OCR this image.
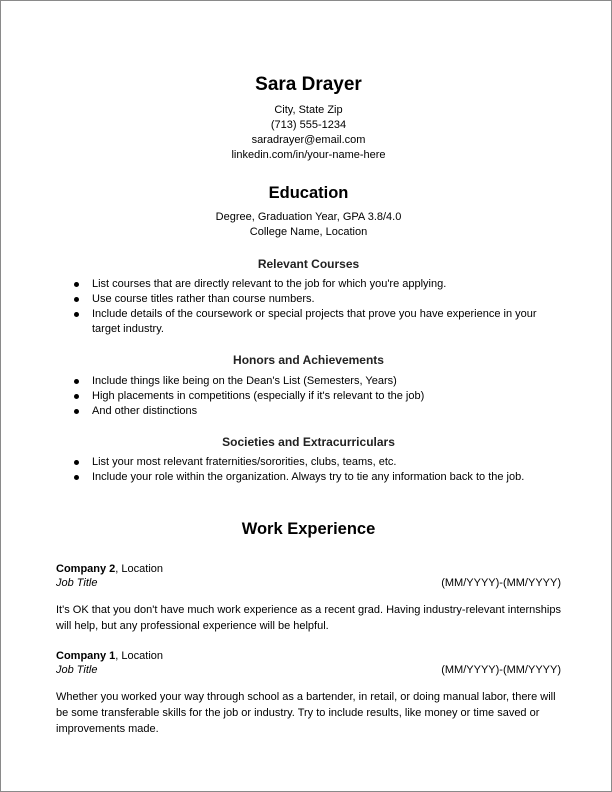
Sara Drayer
City, State Zip
(713) 555-1234
saradrayer@email.com
linkedin.com/in/your-name-here
Education
Degree, Graduation Year, GPA 3.8/4.0
College Name, Location
Relevant Courses
List courses that are directly relevant to the job for which you're applying.
Use course titles rather than course numbers.
Include details of the coursework or special projects that prove you have experience in your target industry.
Honors and Achievements
Include things like being on the Dean's List (Semesters, Years)
High placements in competitions (especially if it's relevant to the job)
And other distinctions
Societies and Extracurriculars
List your most relevant fraternities/sororities, clubs, teams, etc.
Include your role within the organization. Always try to tie any information back to the job.
Work Experience
Company 2, Location
Job Title	(MM/YYYY)-(MM/YYYY)
It's OK that you don't have much work experience as a recent grad. Having industry-relevant internships will help, but any professional experience will be helpful.
Company 1, Location
Job Title	(MM/YYYY)-(MM/YYYY)
Whether you worked your way through school as a bartender, in retail, or doing manual labor, there will be some transferable skills for the job or industry. Try to include results, like money or time saved or improvements made.
